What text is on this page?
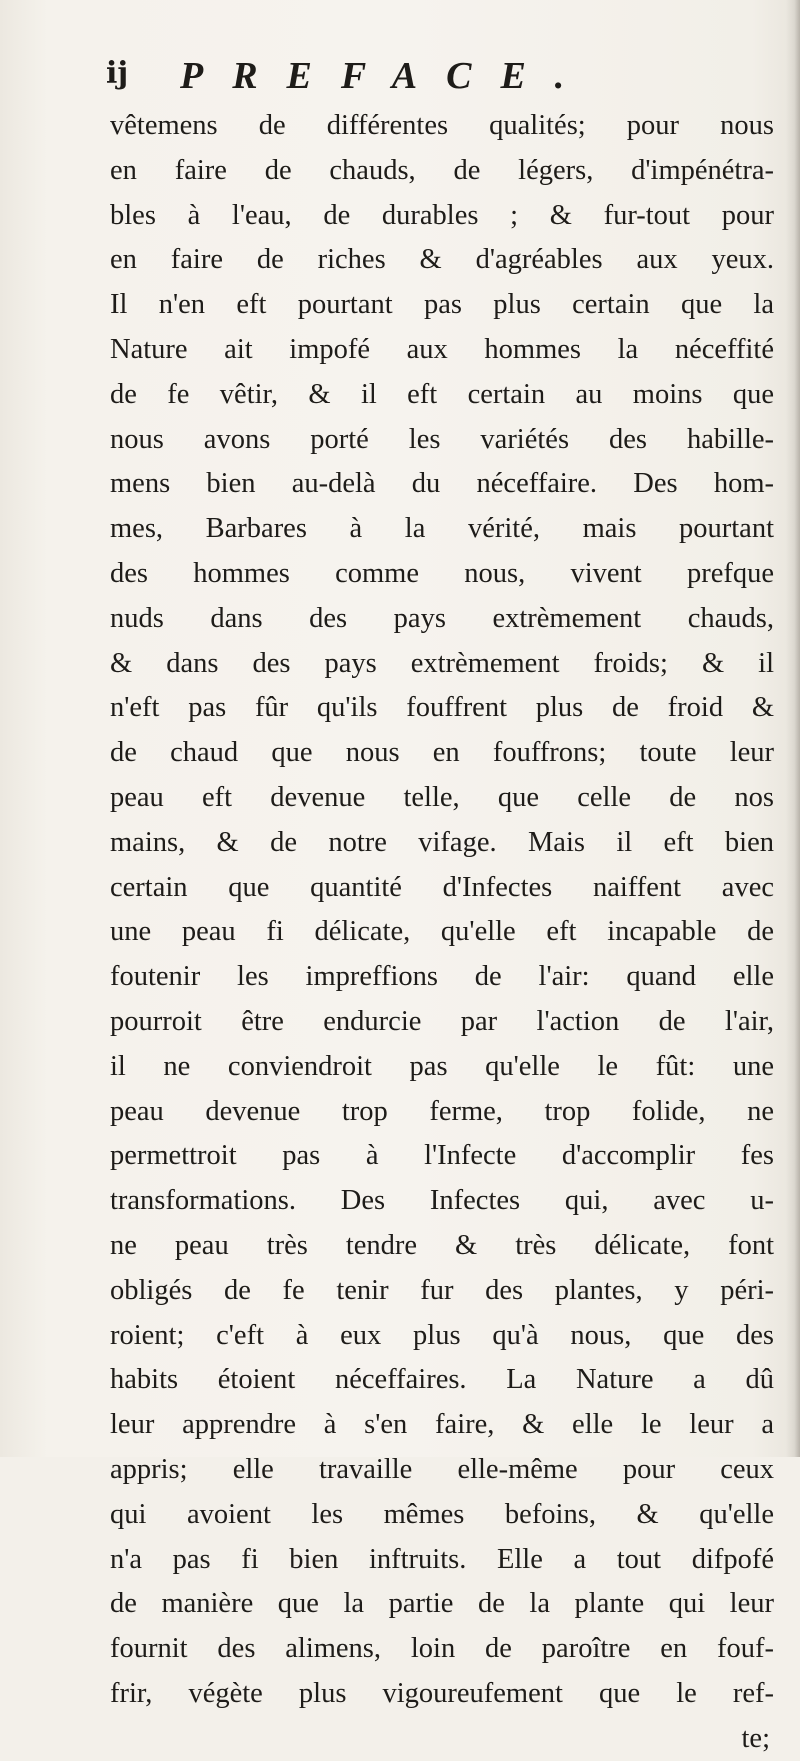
ij PREFACE.
vêtemens de différentes qualités; pour nous
en faire de chauds, de légers, d'impénétra-
bles à l'eau, de durables ; & fur-tout pour
en faire de riches & d'agréables aux yeux.
Il n'en eft pourtant pas plus certain que la
Nature ait impofé aux hommes la néceffité
de fe vêtir, & il eft certain au moins que
nous avons porté les variétés des habille-
mens bien au-delà du néceffaire. Des hom-
mes, Barbares à la vérité, mais pourtant
des hommes comme nous, vivent prefque
nuds dans des pays extrèmement chauds,
& dans des pays extrèmement froids; & il
n'eft pas fûr qu'ils fouffrent plus de froid &
de chaud que nous en fouffrons; toute leur
peau eft devenue telle, que celle de nos
mains, & de notre vifage. Mais il eft bien
certain que quantité d'Infectes naiffent avec
une peau fi délicate, qu'elle eft incapable de
foutenir les impreffions de l'air: quand elle
pourroit être endurcie par l'action de l'air,
il ne conviendroit pas qu'elle le fût: une
peau devenue trop ferme, trop folide, ne
permettroit pas à l'Infecte d'accomplir fes
transformations. Des Infectes qui, avec u-
ne peau très tendre & très délicate, font
obligés de fe tenir fur des plantes, y péri-
roient; c'eft à eux plus qu'à nous, que des
habits étoient néceffaires. La Nature a dû
leur apprendre à s'en faire, & elle le leur a
appris; elle travaille elle-même pour ceux
qui avoient les mêmes befoins, & qu'elle
n'a pas fi bien inftruits. Elle a tout difpofé
de manière que la partie de la plante qui leur
fournit des alimens, loin de paroître en fouf-
frir, végète plus vigoureufement que le ref-
te;
